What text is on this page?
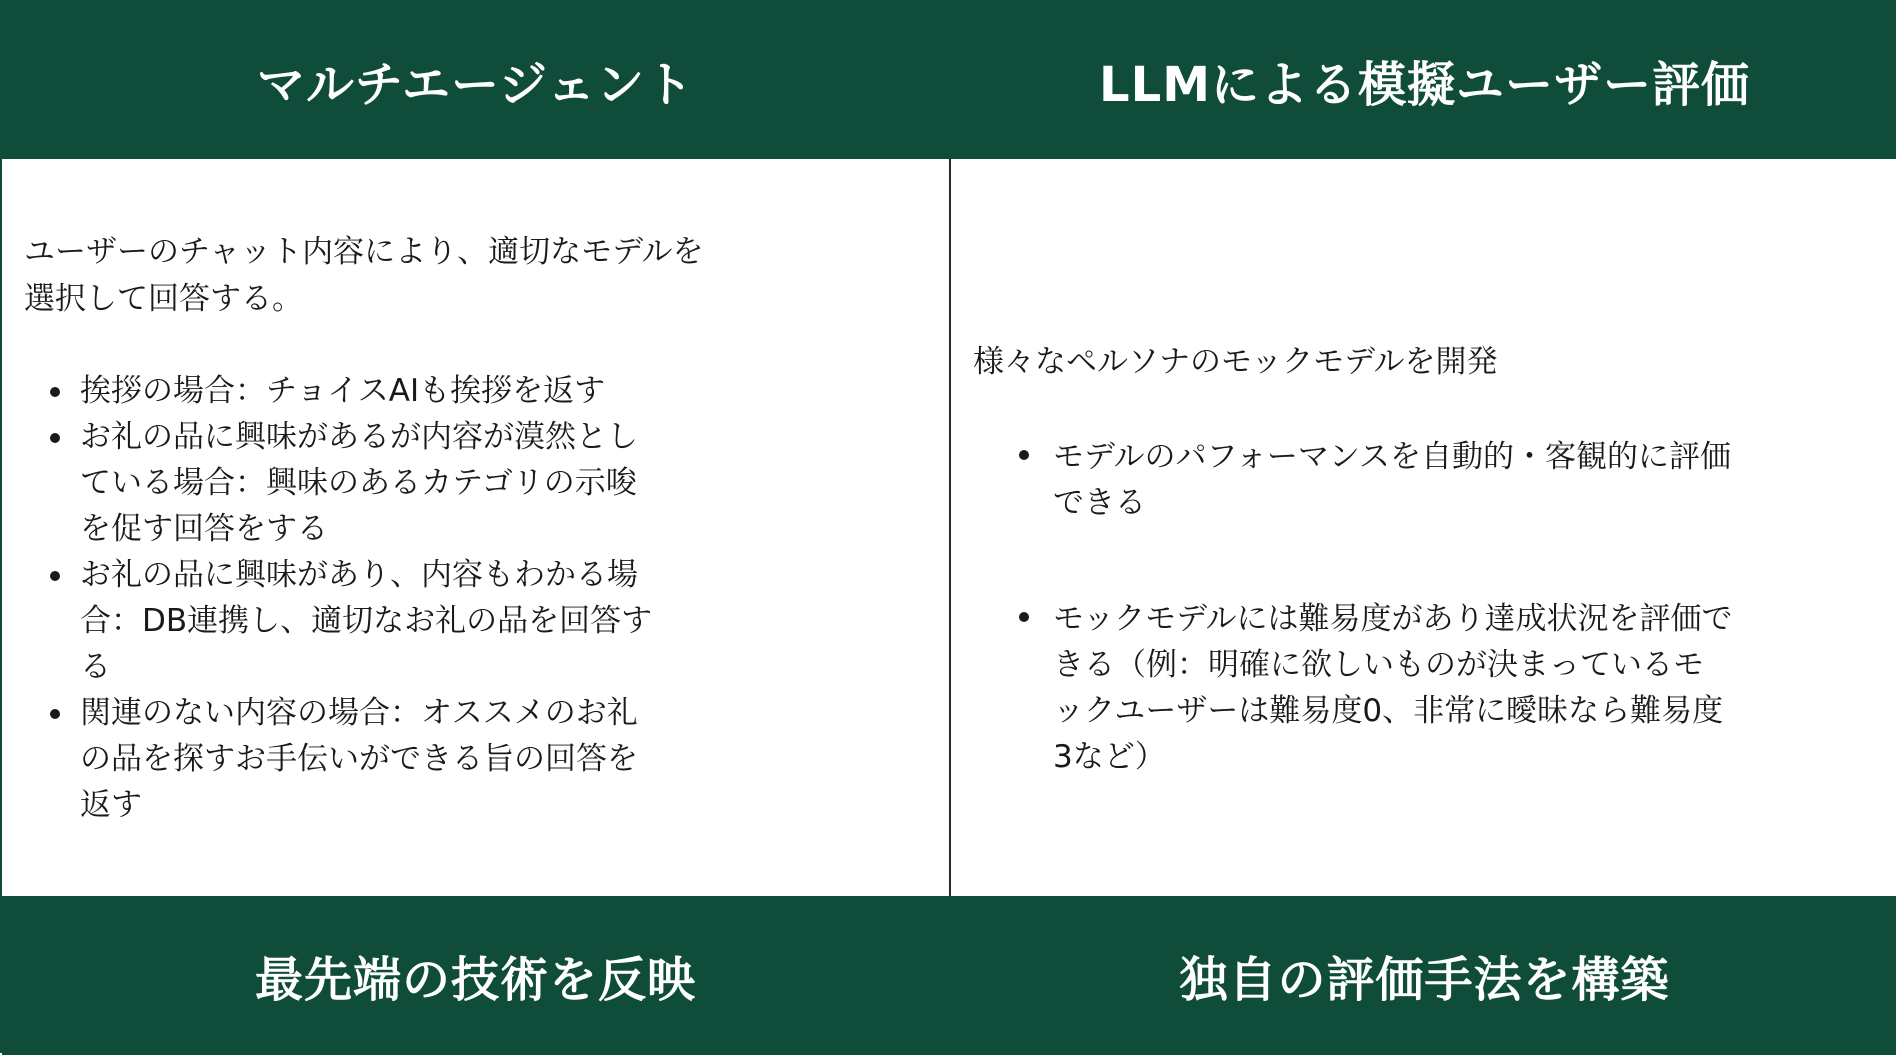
マルチエージェント	LLMによる模擬ユーザー評価

ユーザーのチャット内容により、適切なモデルを
選択して回答する。

挨拶の場合：チョイスAIも挨拶を返す
お礼の品に興味があるが内容が漠然としている場合：興味のあるカテゴリの示唆を促す回答をする
お礼の品に興味があり、内容もわかる場合：DB連携し、適切なお礼の品を回答する
関連のない内容の場合：オススメのお礼の品を探すお手伝いができる旨の回答を返す

様々なペルソナのモックモデルを開発

モデルのパフォーマンスを自動的・客観的に評価できる
モックモデルには難易度があり達成状況を評価できる（例：明確に欲しいものが決まっているモックユーザーは難易度0、非常に曖昧なら難易度3など）
最先端の技術を反映	独自の評価手法を構築
